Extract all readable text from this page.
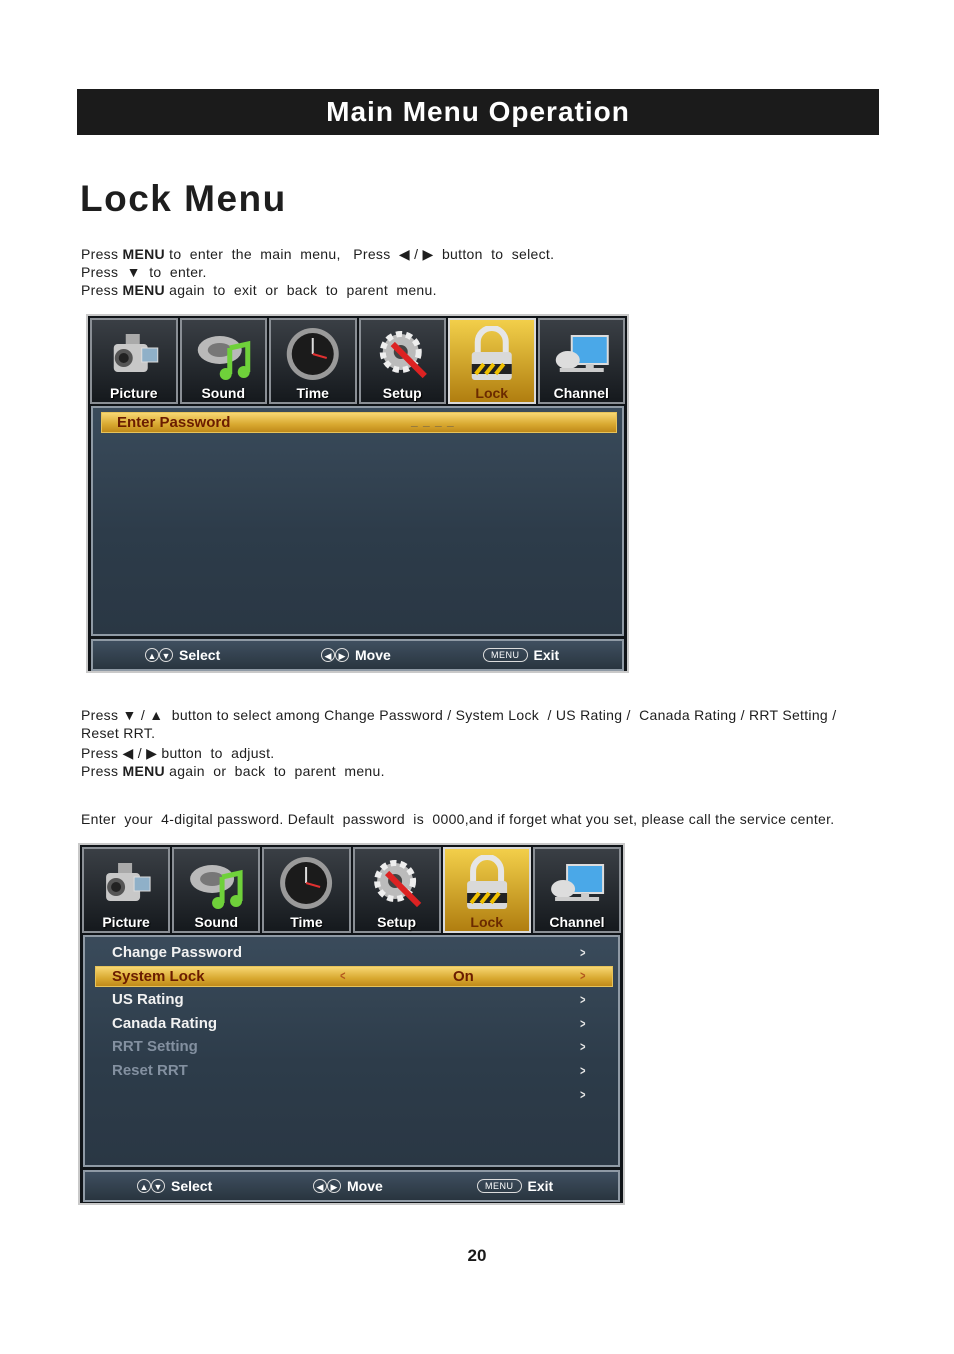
Main Menu Operation
Lock Menu
Press MENU to  enter  the  main  menu,   Press  ◀ / ▶  button  to  select.
Press  ▼  to  enter.
Press MENU again  to  exit  or  back  to  parent  menu.
Picture	Sound	Time	Setup	Lock	Channel
Enter Password	_ _ _ _
▲ ▼ Select	◀ ▶ Move	MENU	Exit
Press ▼ / ▲  button to select among Change Password / System Lock  / US Rating /  Canada Rating / RRT Setting /
Reset RRT.
Press ◀ / ▶ button  to  adjust.
Press MENU again  or  back  to  parent  menu.
Enter  your  4-digital password. Default  password  is  0000,and if forget what you set, please call the service center.
Picture	Sound	Time	Setup	Lock	Channel
Change Password	>
System Lock	<	On	>
US Rating	>
Canada Rating	>
RRT Setting	>
Reset RRT	>
>
▲ ▼ Select	◀ ▶ Move	MENU	Exit
20
